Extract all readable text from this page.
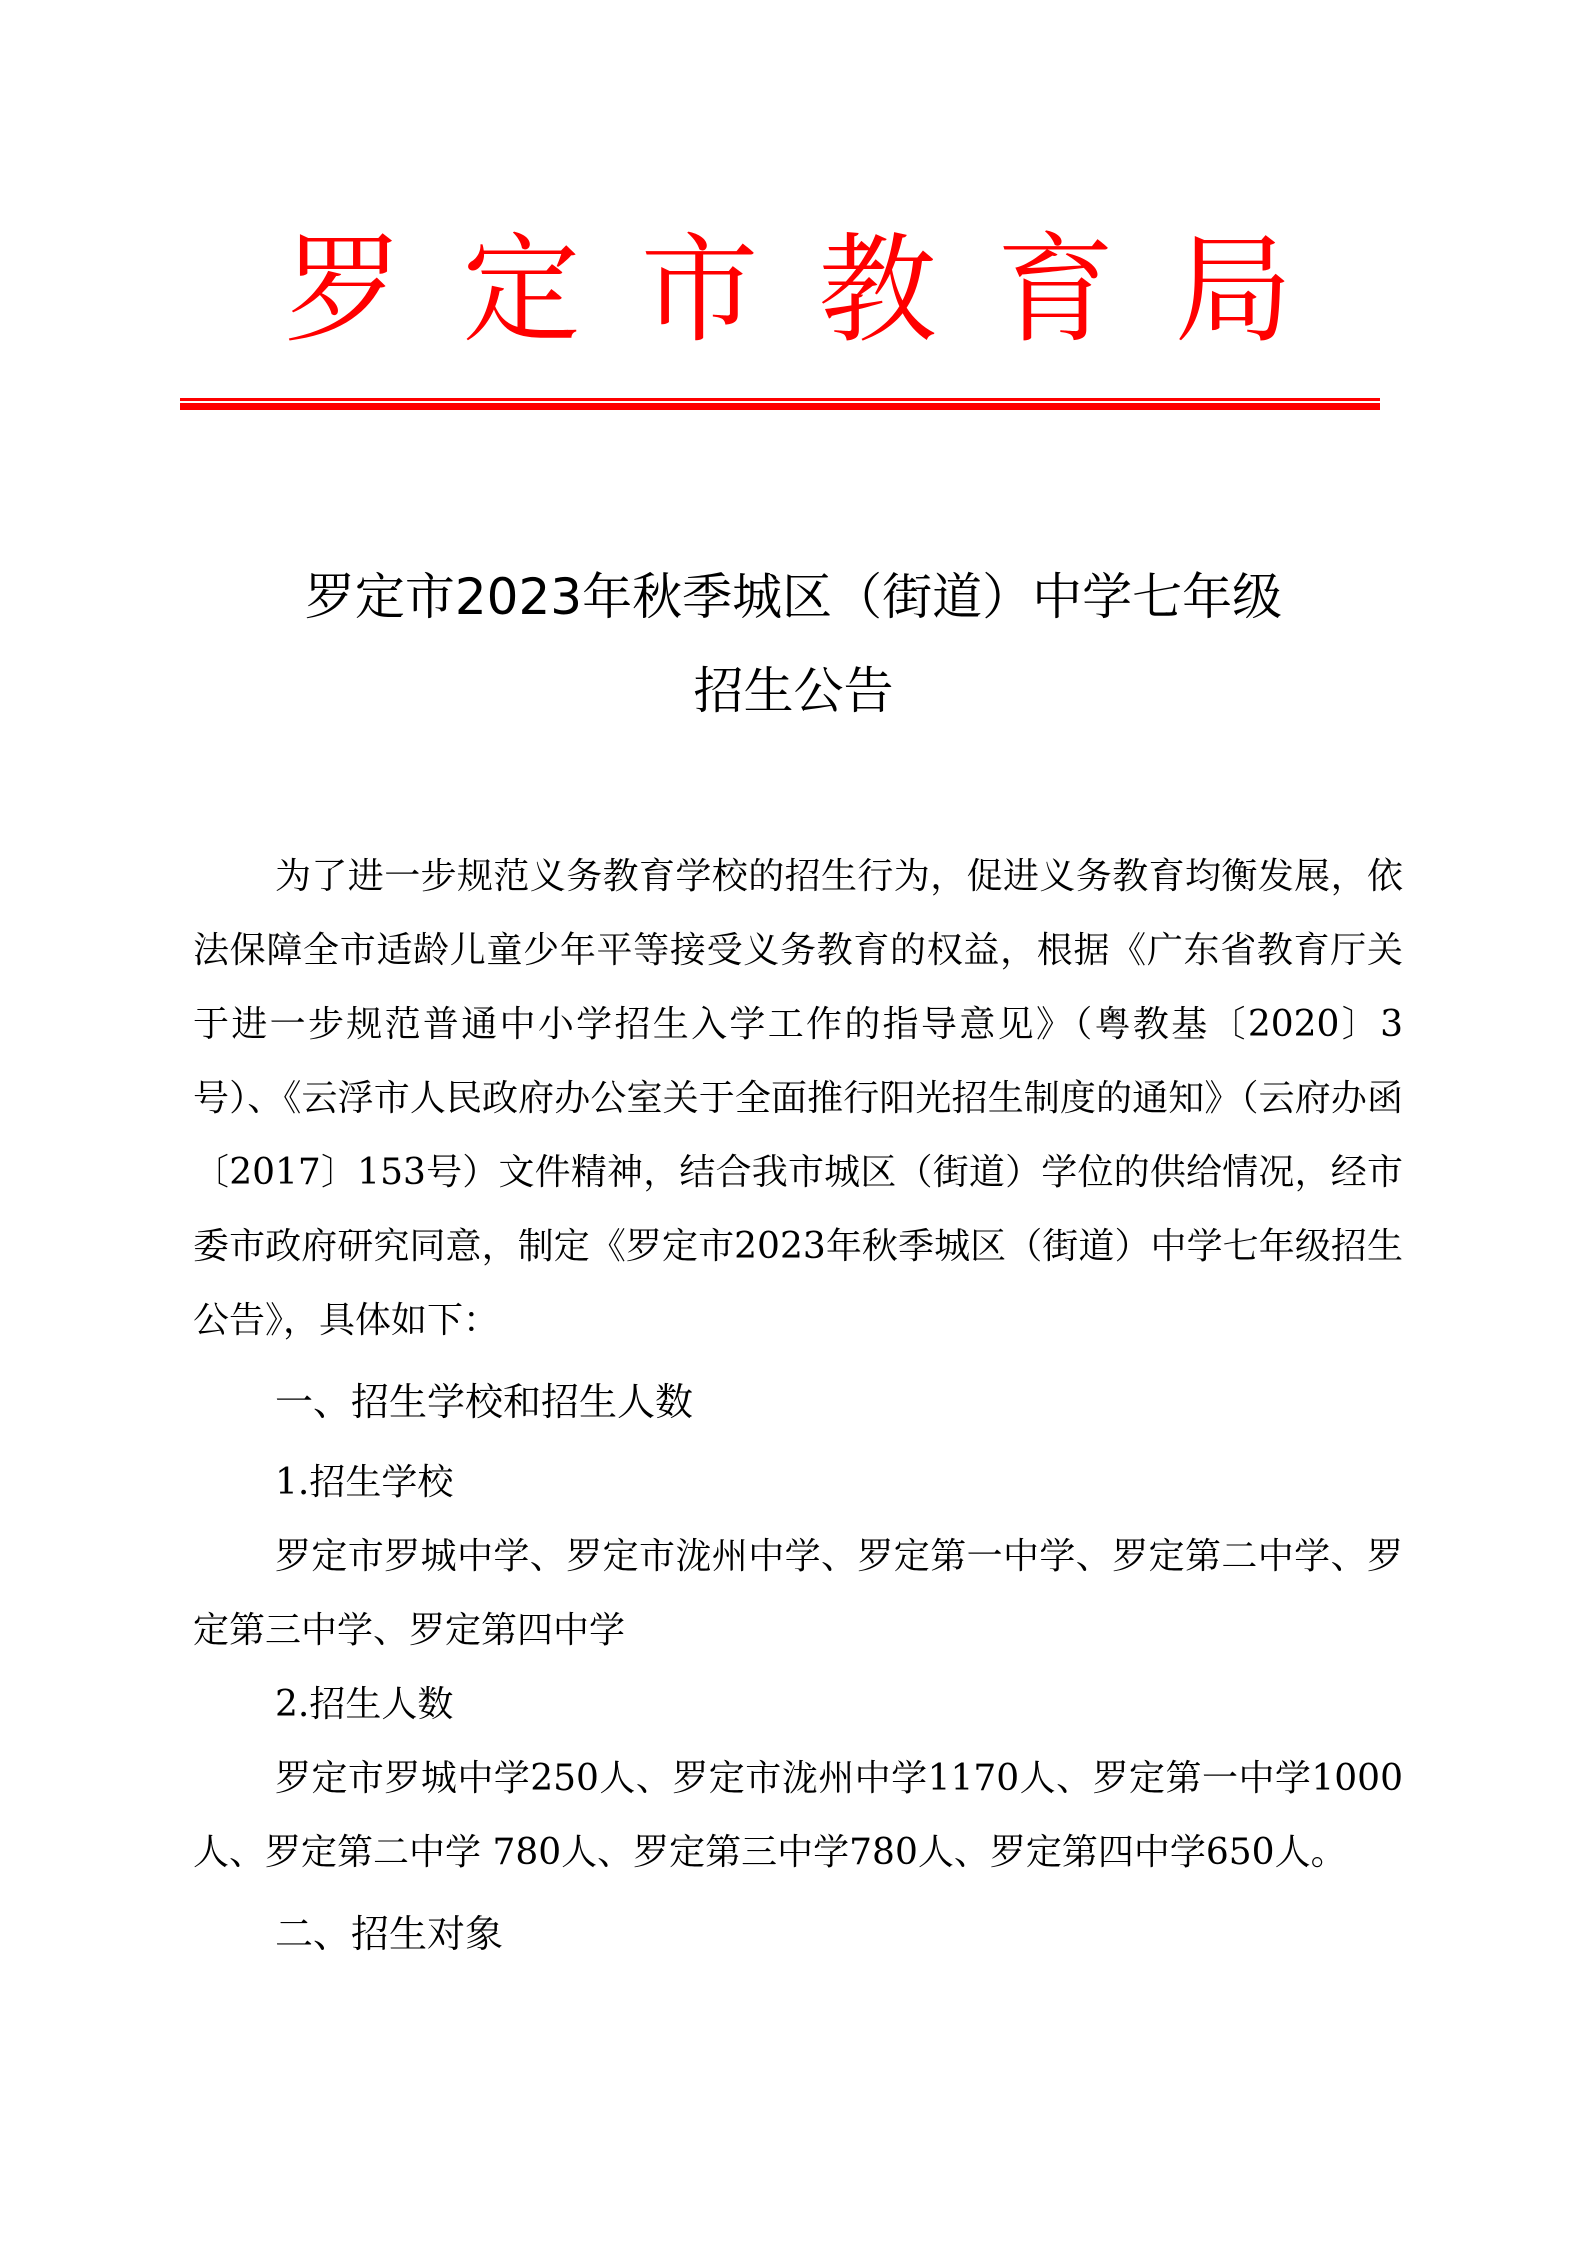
罗定市教育局
罗定市2023年秋季城区（街道）中学七年级
招生公告

为了进一步规范义务教育学校的招生行为，促进义务教育均衡发展，依法保障全市适龄儿童少年平等接受义务教育的权益，根据《广东省教育厅关于进一步规范普通中小学招生入学工作的指导意见》（粤教基〔2020〕3号）、《云浮市人民政府办公室关于全面推行阳光招生制度的通知》（云府办函〔2017〕153号）文件精神，结合我市城区（街道）学位的供给情况，经市委市政府研究同意，制定《罗定市2023年秋季城区（街道）中学七年级招生公告》，具体如下：

一、招生学校和招生人数

1.招生学校

罗定市罗城中学、罗定市泷州中学、罗定第一中学、罗定第二中学、罗定第三中学、罗定第四中学

2.招生人数

罗定市罗城中学250人、罗定市泷州中学1170人、罗定第一中学1000人、罗定第二中学 780人、罗定第三中学780人、罗定第四中学650人。

二、招生对象
